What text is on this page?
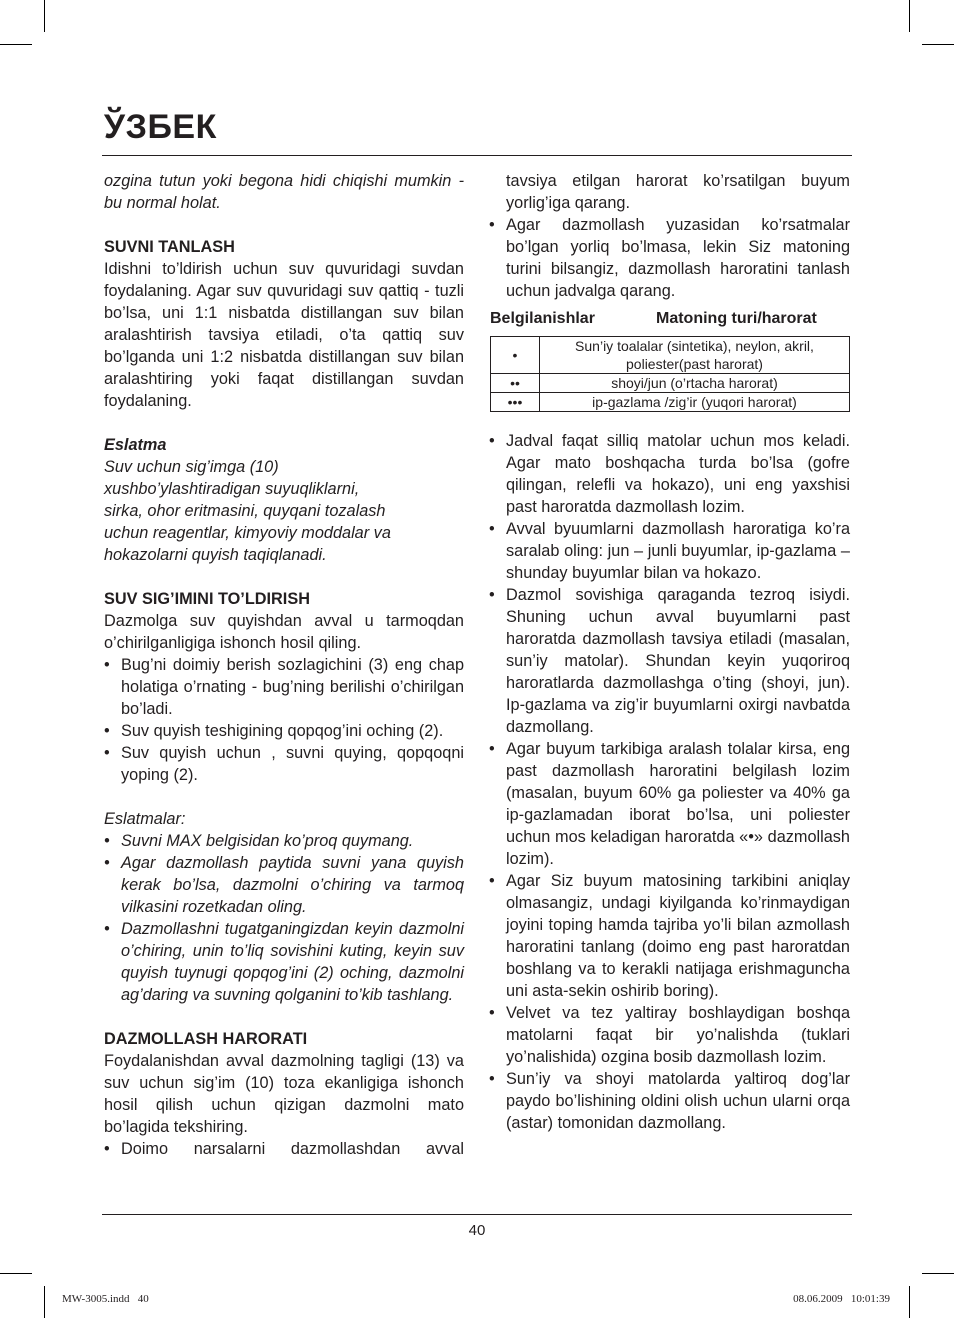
ЎЗБЕК

ozgina tutun yoki begona hidi chiqishi mumkin - bu normal holat.

SUVNI TANLASH

Idishni to’ldirish uchun suv quvuridagi suvdan foydalaning. Agar suv quvuridagi suv qattiq - tuzli bo’lsa, uni 1:1 nisbatda distillangan suv bilan aralashtirish tavsiya etiladi, o’ta qattiq suv bo’lganda uni 1:2 nisbatda distillangan suv bilan aralashtiring yoki faqat distillangan suvdan foydalaning.

Eslatma

Suv uchun sig’imga (10)

xushbo’ylashtiradigan suyuqliklarni,

sirka, ohor eritmasini, quyqani tozalash

uchun reagentlar, kimyoviy moddalar va

hokazolarni quyish taqiqlanadi.

SUV SIG’IMINI TO’LDIRISH

Dazmolga suv quyishdan avval u tarmoqdan o’chirilganligiga ishonch hosil qiling.

• Bug’ni doimiy berish sozlagichini (3) eng chap holatiga o’rnating - bug’ning berilishi o’chirilgan bo’ladi.

• Suv quyish teshigining qopqog’ini oching (2).

• Suv quyish uchun , suvni quying, qopqoqni yoping (2).

Eslatmalar:

• Suvni MAX belgisidan ko’proq quymang.

• Agar dazmollash paytida suvni yana quyish kerak bo’lsa, dazmolni o’chiring va tarmoq vilkasini rozetkadan oling.

• Dazmollashni tugatganingizdan keyin dazmolni o’chiring, unin to’liq sovishini kuting, keyin suv quyish tuynugi qopqog’ini (2) oching, dazmolni ag’daring va suvning qolganini to’kib tashlang.

DAZMOLLASH HARORATI

Foydalanishdan avval dazmolning tagligi (13) va suv uchun sig’im (10) toza ekanligiga ishonch hosil qilish uchun qizigan dazmolni mato bo’lagida tekshiring.

• Doimo narsalarni dazmollashdan avval

tavsiya etilgan harorat ko’rsatilgan buyum yorlig’iga qarang.

• Agar dazmollash yuzasidan ko’rsatmalar bo’lgan yorliq bo’lmasa, lekin Siz matoning turini bilsangiz, dazmollash haroratini tanlash uchun jadvalga qarang.

Belgilanishlar	Matoning turi/harorat
•	Sun’iy toalalar (sintetika), neylon, akril, poliester(past harorat)
••	shoyi/jun (o’rtacha harorat)
•••	ip-gazlama /zig’ir (yuqori harorat)

• Jadval faqat silliq matolar uchun mos keladi. Agar mato boshqacha turda bo’lsa (gofre qilingan, relefli va hokazo), uni eng yaxshisi past haroratda dazmollash lozim.

• Avval byuumlarni dazmollash haroratiga ko’ra saralab oling: jun – junli buyumlar, ip-gazlama – shunday buyumlar bilan va hokazo.

• Dazmol sovishiga qaraganda tezroq isiydi. Shuning uchun avval buyumlarni past haroratda dazmollash tavsiya etiladi (masalan, sun’iy matolar). Shundan keyin yuqoriroq haroratlarda dazmollashga o’ting (shoyi, jun). Ip-gazlama va zig’ir buyumlarni oxirgi navbatda dazmollang.

• Agar buyum tarkibiga aralash tolalar kirsa, eng past dazmollash haroratini belgilash lozim (masalan, buyum 60% ga poliester va 40% ga ip-gazlamadan iborat bo’lsa, uni poliester uchun mos keladigan haroratda «•» dazmollash lozim).

• Agar Siz buyum matosining tarkibini aniqlay olmasangiz, undagi kiyilganda ko’rinmaydigan joyini toping hamda tajriba yo’li bilan azmollash haroratini tanlang (doimo eng past haroratdan boshlang va to kerakli natijaga erishmaguncha uni asta-sekin oshirib boring).

• Velvet va tez yaltiray boshlaydigan boshqa matolarni faqat bir yo’nalishda (tuklari yo’nalishida) ozgina bosib dazmollash lozim.

• Sun’iy va shoyi matolarda yaltiroq dog’lar paydo bo’lishining oldini olish uchun ularni orqa (astar) tomonidan dazmollang.

40
MW-3005.indd   40	08.06.2009   10:01:39
